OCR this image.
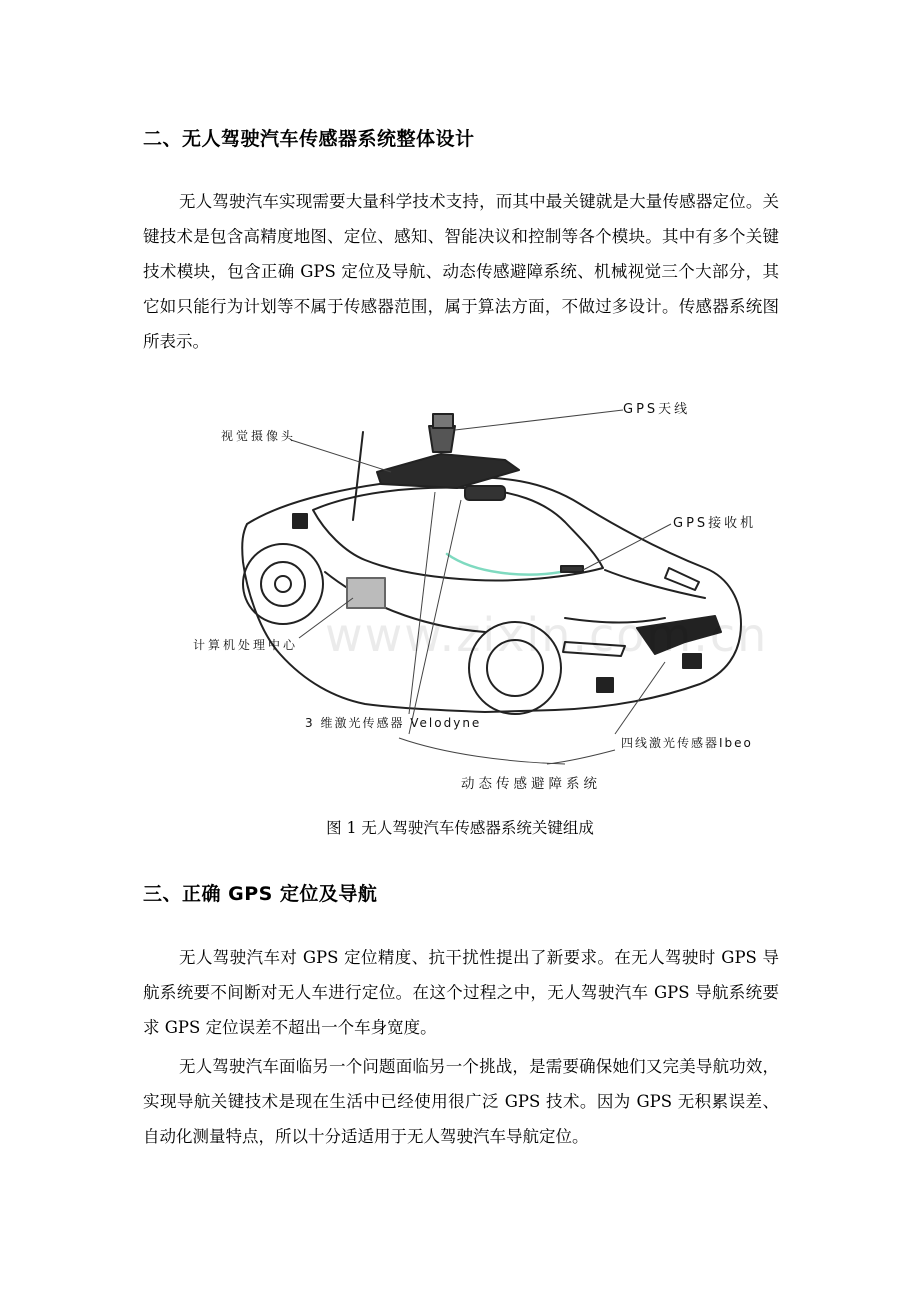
二、无人驾驶汽车传感器系统整体设计

无人驾驶汽车实现需要大量科学技术支持，而其中最关键就是大量传感器定位。关键技术是包含高精度地图、定位、感知、智能决议和控制等各个模块。其中有多个关键技术模块，包含正确 GPS 定位及导航、动态传感避障系统、机械视觉三个大部分，其它如只能行为计划等不属于传感器范围，属于算法方面，不做过多设计。传感器系统图所表示。

www.zixin.com.cn
GPS天线
视觉摄像头
GPS接收机
计算机处理中心
3 维激光传感器 Velodyne
四线激光传感器Ibeo
动态传感避障系统

图 1 无人驾驶汽车传感器系统关键组成

三、正确 GPS 定位及导航

无人驾驶汽车对 GPS 定位精度、抗干扰性提出了新要求。在无人驾驶时 GPS 导航系统要不间断对无人车进行定位。在这个过程之中，无人驾驶汽车 GPS 导航系统要求 GPS 定位误差不超出一个车身宽度。

无人驾驶汽车面临另一个问题面临另一个挑战，是需要确保她们又完美导航功效，实现导航关键技术是现在生活中已经使用很广泛 GPS 技术。因为 GPS 无积累误差、自动化测量特点，所以十分适适用于无人驾驶汽车导航定位。
